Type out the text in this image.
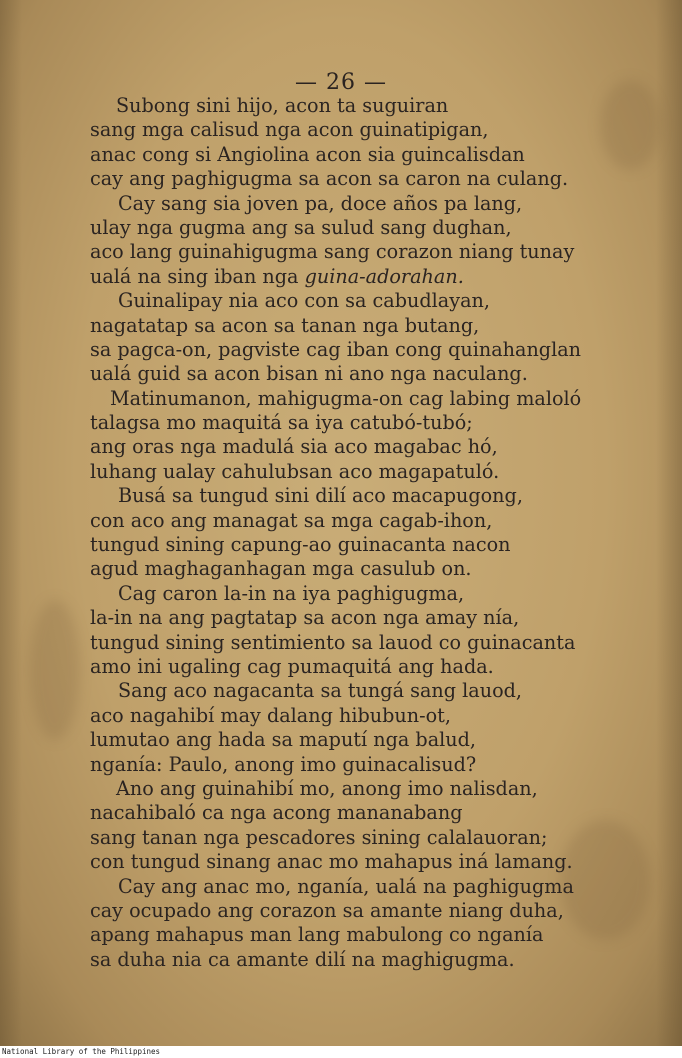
— 26 —
Subong sini hijo, acon ta suguiran
sang mga calisud nga acon guinatipigan,
anac cong si Angiolina acon sia guincalisdan
cay ang paghigugma sa acon sa caron na culang.
Cay sang sia joven pa, doce años pa lang,
ulay nga gugma ang sa sulud sang dughan,
aco lang guinahigugma sang corazon niang tunay
ualá na sing iban nga guina-adorahan.
Guinalipay nia aco con sa cabudlayan,
nagatatap sa acon sa tanan nga butang,
sa pagca-on, pagviste cag iban cong quinahanglan
ualá guid sa acon bisan ni ano nga naculang.
Matinumanon, mahigugma-on cag labing maloló
talagsa mo maquitá sa iya catubó-tubó;
ang oras nga madulá sia aco magabac hó,
luhang ualay cahulubsan aco magapatuló.
Busá sa tungud sini dilí aco macapugong,
con aco ang managat sa mga cagab-ihon,
tungud sining capung-ao guinacanta nacon
agud maghaganhagan mga casulub on.
Cag caron la-in na iya paghigugma,
la-in na ang pagtatap sa acon nga amay nía,
tungud sining sentimiento sa lauod co guinacanta
amo ini ugaling cag pumaquitá ang hada.
Sang aco nagacanta sa tungá sang lauod,
aco nagahibí may dalang hibubun-ot,
lumutao ang hada sa maputí nga balud,
nganía: Paulo, anong imo guinacalisud?
Ano ang guinahibí mo, anong imo nalisdan,
nacahibaló ca nga acong mananabang
sang tanan nga pescadores sining calalauoran;
con tungud sinang anac mo mahapus iná lamang.
Cay ang anac mo, nganía, ualá na paghigugma
cay ocupado ang corazon sa amante niang duha,
apang mahapus man lang mabulong co nganía
sa duha nia ca amante dilí na maghigugma.
National Library of the Philippines
